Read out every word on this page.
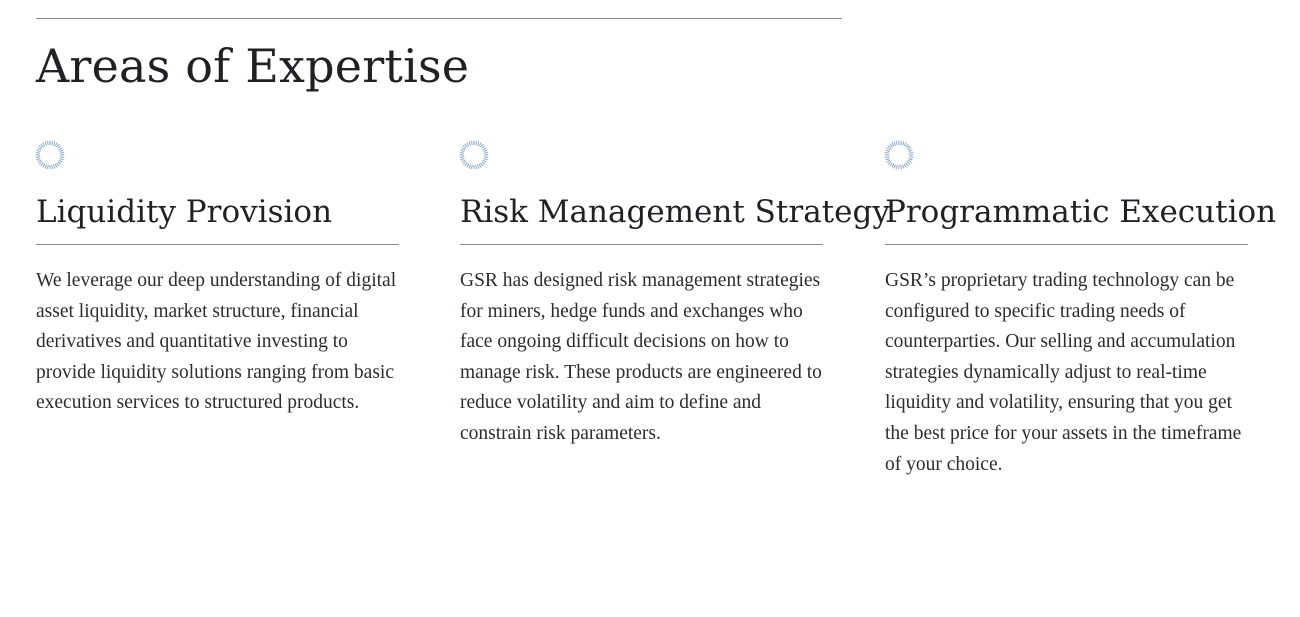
Areas of Expertise
Liquidity Provision

We leverage our deep understanding of digital asset liquidity, market structure, financial derivatives and quantitative investing to provide liquidity solutions ranging from basic execution services to structured products.

Risk Management Strategy

GSR has designed risk management strategies for miners, hedge funds and exchanges who face ongoing difficult decisions on how to manage risk. These products are engineered to reduce volatility and aim to define and constrain risk parameters.

Programmatic Execution

GSR’s proprietary trading technology can be configured to specific trading needs of counterparties. Our selling and accumulation strategies dynamically adjust to real-time liquidity and volatility, ensuring that you get the best price for your assets in the timeframe of your choice.
